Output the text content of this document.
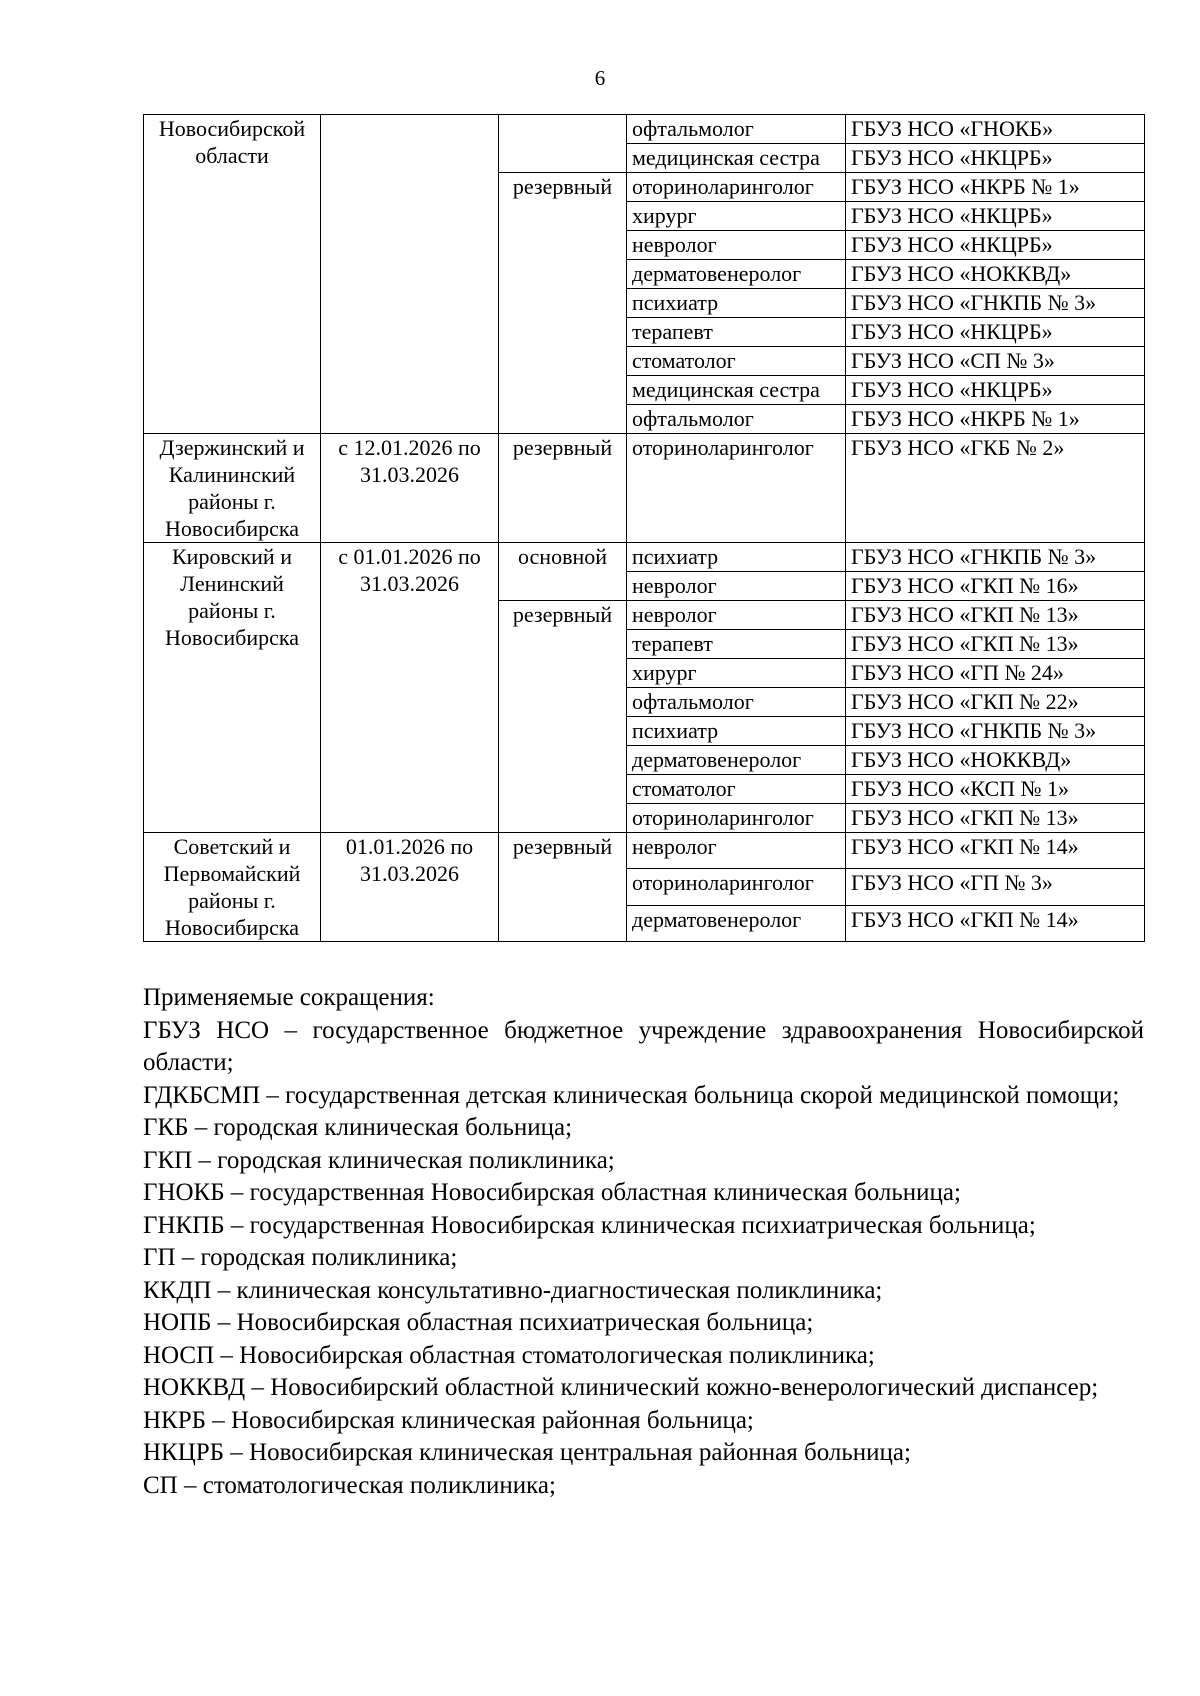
6
Новосибирской области			офтальмолог	ГБУЗ НСО «ГНОКБ»
			медицинская сестра	ГБУЗ НСО «НКЦРБ»
		резервный	оториноларинголог	ГБУЗ НСО «НКРБ № 1»
			хирург	ГБУЗ НСО «НКЦРБ»
			невролог	ГБУЗ НСО «НКЦРБ»
			дерматовенеролог	ГБУЗ НСО «НОККВД»
			психиатр	ГБУЗ НСО «ГНКПБ № 3»
			терапевт	ГБУЗ НСО «НКЦРБ»
			стоматолог	ГБУЗ НСО «СП № 3»
			медицинская сестра	ГБУЗ НСО «НКЦРБ»
			офтальмолог	ГБУЗ НСО «НКРБ № 1»
Дзержинский и Калининский районы г. Новосибирска	с 12.01.2026 по 31.03.2026	резервный	оториноларинголог	ГБУЗ НСО «ГКБ № 2»
Кировский и Ленинский районы г. Новосибирска	с 01.01.2026 по 31.03.2026	основной	психиатр	ГБУЗ НСО «ГНКПБ № 3»
			невролог	ГБУЗ НСО «ГКП № 16»
		резервный	невролог	ГБУЗ НСО «ГКП № 13»
			терапевт	ГБУЗ НСО «ГКП № 13»
			хирург	ГБУЗ НСО «ГП № 24»
			офтальмолог	ГБУЗ НСО «ГКП № 22»
			психиатр	ГБУЗ НСО «ГНКПБ № 3»
			дерматовенеролог	ГБУЗ НСО «НОККВД»
			стоматолог	ГБУЗ НСО «КСП № 1»
			оториноларинголог	ГБУЗ НСО «ГКП № 13»
Советский и Первомайский районы г. Новосибирска	01.01.2026 по 31.03.2026	резервный	невролог	ГБУЗ НСО «ГКП № 14»
			оториноларинголог	ГБУЗ НСО «ГП № 3»
			дерматовенеролог	ГБУЗ НСО «ГКП № 14»

Применяемые сокращения:

ГБУЗ НСО – государственное бюджетное учреждение здравоохранения Новосибирской области;

ГДКБСМП – государственная детская клиническая больница скорой медицинской помощи;

ГКБ – городская клиническая больница;

ГКП – городская клиническая поликлиника;

ГНОКБ – государственная Новосибирская областная клиническая больница;

ГНКПБ – государственная Новосибирская клиническая психиатрическая больница;

ГП – городская поликлиника;

ККДП – клиническая консультативно-диагностическая поликлиника;

НОПБ – Новосибирская областная психиатрическая больница;

НОСП – Новосибирская областная стоматологическая поликлиника;

НОККВД – Новосибирский областной клинический кожно-венерологический диспансер;

НКРБ – Новосибирская клиническая районная больница;

НКЦРБ – Новосибирская клиническая центральная районная больница;

СП – стоматологическая поликлиника;
